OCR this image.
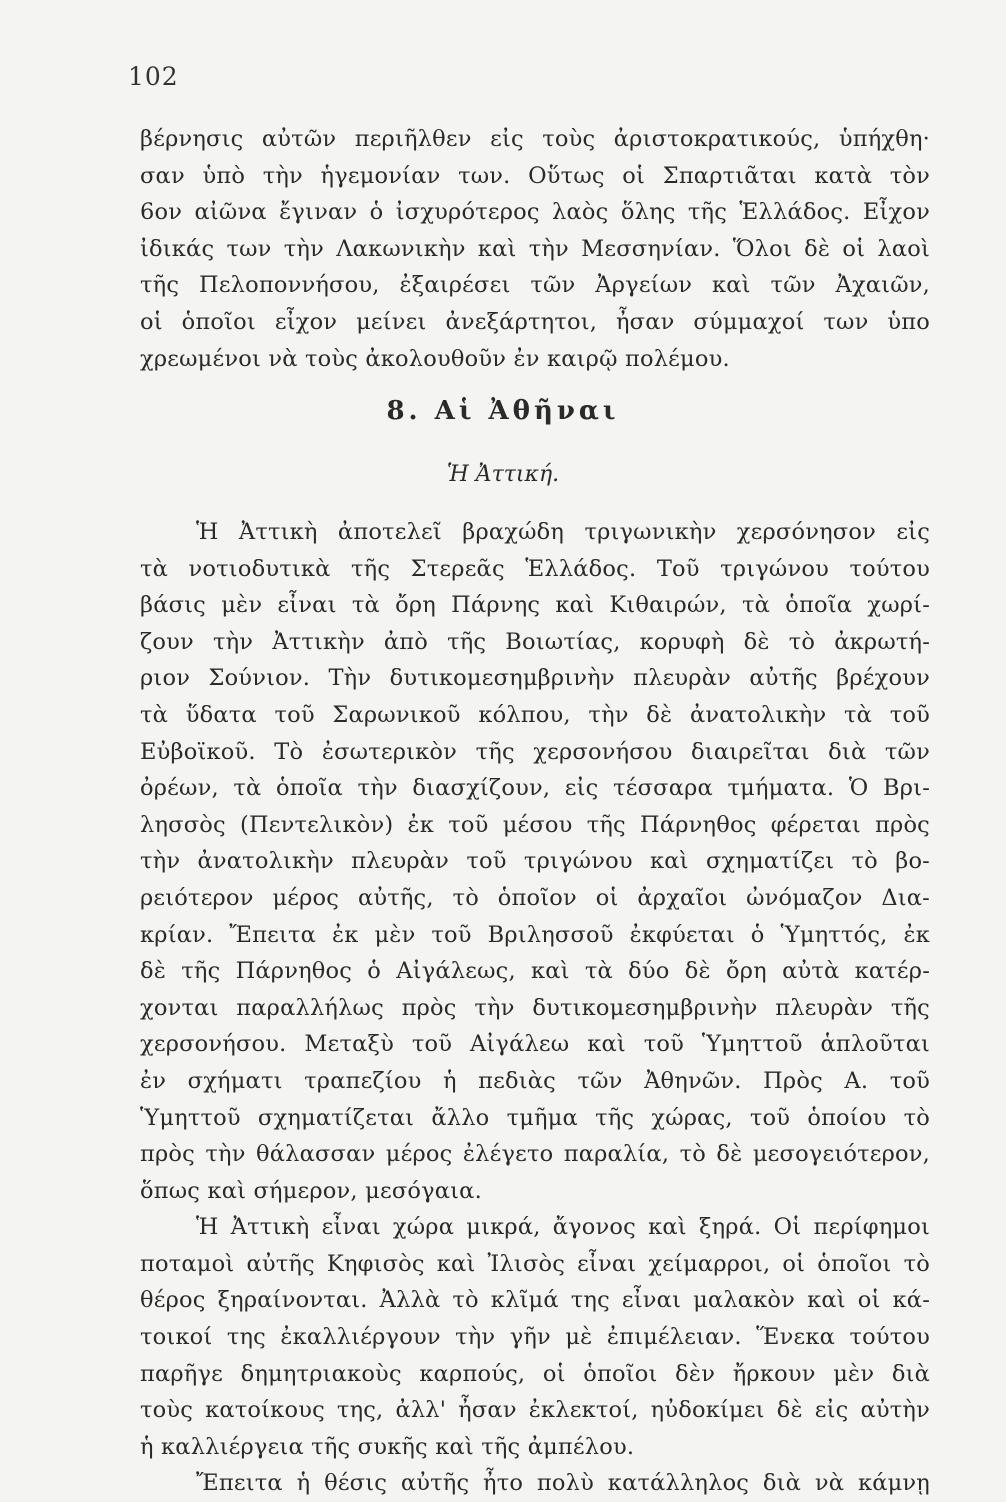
102
βέρνησις αὐτῶν περιῆλθεν εἰς τοὺς ἀριστοκρατικούς, ὑπήχθη·
σαν ὑπὸ τὴν ἡγεμονίαν των. Οὕτως οἱ Σπαρτιᾶται κατὰ τὸν
6ον αἰῶνα ἔγιναν ὁ ἰσχυρότερος λαὸς ὅλης τῆς Ἑλλάδος. Εἶχον
ἰδικάς των τὴν Λακωνικὴν καὶ τὴν Μεσσηνίαν. Ὅλοι δὲ οἱ λαοὶ
τῆς Πελοποννήσου, ἐξαιρέσει τῶν Ἀργείων καὶ τῶν Ἀχαιῶν,
οἱ ὁποῖοι εἶχον μείνει ἀνεξάρτητοι, ἦσαν σύμμαχοί των ὑπο
χρεωμένοι νὰ τοὺς ἀκολουθοῦν ἐν καιρῷ πολέμου.
8. Αἱ Ἀθῆναι
Ἡ Ἀττική.
Ἡ Ἀττικὴ ἀποτελεῖ βραχώδη τριγωνικὴν χερσόνησον εἰς
τὰ νοτιοδυτικὰ τῆς Στερεᾶς Ἑλλάδος. Τοῦ τριγώνου τούτου
βάσις μὲν εἶναι τὰ ὄρη Πάρνης καὶ Κιθαιρών, τὰ ὁποῖα χωρί-
ζουν τὴν Ἀττικὴν ἀπὸ τῆς Βοιωτίας, κορυφὴ δὲ τὸ ἀκρωτή-
ριον Σούνιον. Τὴν δυτικομεσημβρινὴν πλευρὰν αὐτῆς βρέχουν
τὰ ὕδατα τοῦ Σαρωνικοῦ κόλπου, τὴν δὲ ἀνατολικὴν τὰ τοῦ
Εὐβοϊκοῦ. Τὸ ἐσωτερικὸν τῆς χερσονήσου διαιρεῖται διὰ τῶν
ὀρέων, τὰ ὁποῖα τὴν διασχίζουν, εἰς τέσσαρα τμήματα. Ὁ Βρι-
λησσὸς (Πεντελικὸν) ἐκ τοῦ μέσου τῆς Πάρνηθος φέρεται πρὸς
τὴν ἀνατολικὴν πλευρὰν τοῦ τριγώνου καὶ σχηματίζει τὸ βο-
ρειότερον μέρος αὐτῆς, τὸ ὁποῖον οἱ ἀρχαῖοι ὠνόμαζον Δια-
κρίαν. Ἔπειτα ἐκ μὲν τοῦ Βριλησσοῦ ἐκφύεται ὁ Ὑμηττός, ἐκ
δὲ τῆς Πάρνηθος ὁ Αἰγάλεως, καὶ τὰ δύο δὲ ὄρη αὐτὰ κατέρ-
χονται παραλλήλως πρὸς τὴν δυτικομεσημβρινὴν πλευρὰν τῆς
χερσονήσου. Μεταξὺ τοῦ Αἰγάλεω καὶ τοῦ Ὑμηττοῦ ἁπλοῦται
ἐν σχήματι τραπεζίου ἡ πεδιὰς τῶν Ἀθηνῶν. Πρὸς Α. τοῦ
Ὑμηττοῦ σχηματίζεται ἄλλο τμῆμα τῆς χώρας, τοῦ ὁποίου τὸ
πρὸς τὴν θάλασσαν μέρος ἐλέγετο παραλία, τὸ δὲ μεσογειότερον,
ὅπως καὶ σήμερον, μεσόγαια.
Ἡ Ἀττικὴ εἶναι χώρα μικρά, ἄγονος καὶ ξηρά. Οἱ περίφημοι
ποταμοὶ αὐτῆς Κηφισὸς καὶ Ἰλισὸς εἶναι χείμαρροι, οἱ ὁποῖοι τὸ
θέρος ξηραίνονται. Ἀλλὰ τὸ κλῖμά της εἶναι μαλακὸν καὶ οἱ κά-
τοικοί της ἐκαλλιέργουν τὴν γῆν μὲ ἐπιμέλειαν. Ἕνεκα τούτου
παρῆγε δημητριακοὺς καρπούς, οἱ ὁποῖοι δὲν ἤρκουν μὲν διὰ
τοὺς κατοίκους της, ἀλλ' ἦσαν ἐκλεκτοί, ηὐδοκίμει δὲ εἰς αὐτὴν
ἡ καλλιέργεια τῆς συκῆς καὶ τῆς ἀμπέλου.
Ἔπειτα ἡ θέσις αὐτῆς ἦτο πολὺ κατάλληλος διὰ νὰ κάμνῃ
